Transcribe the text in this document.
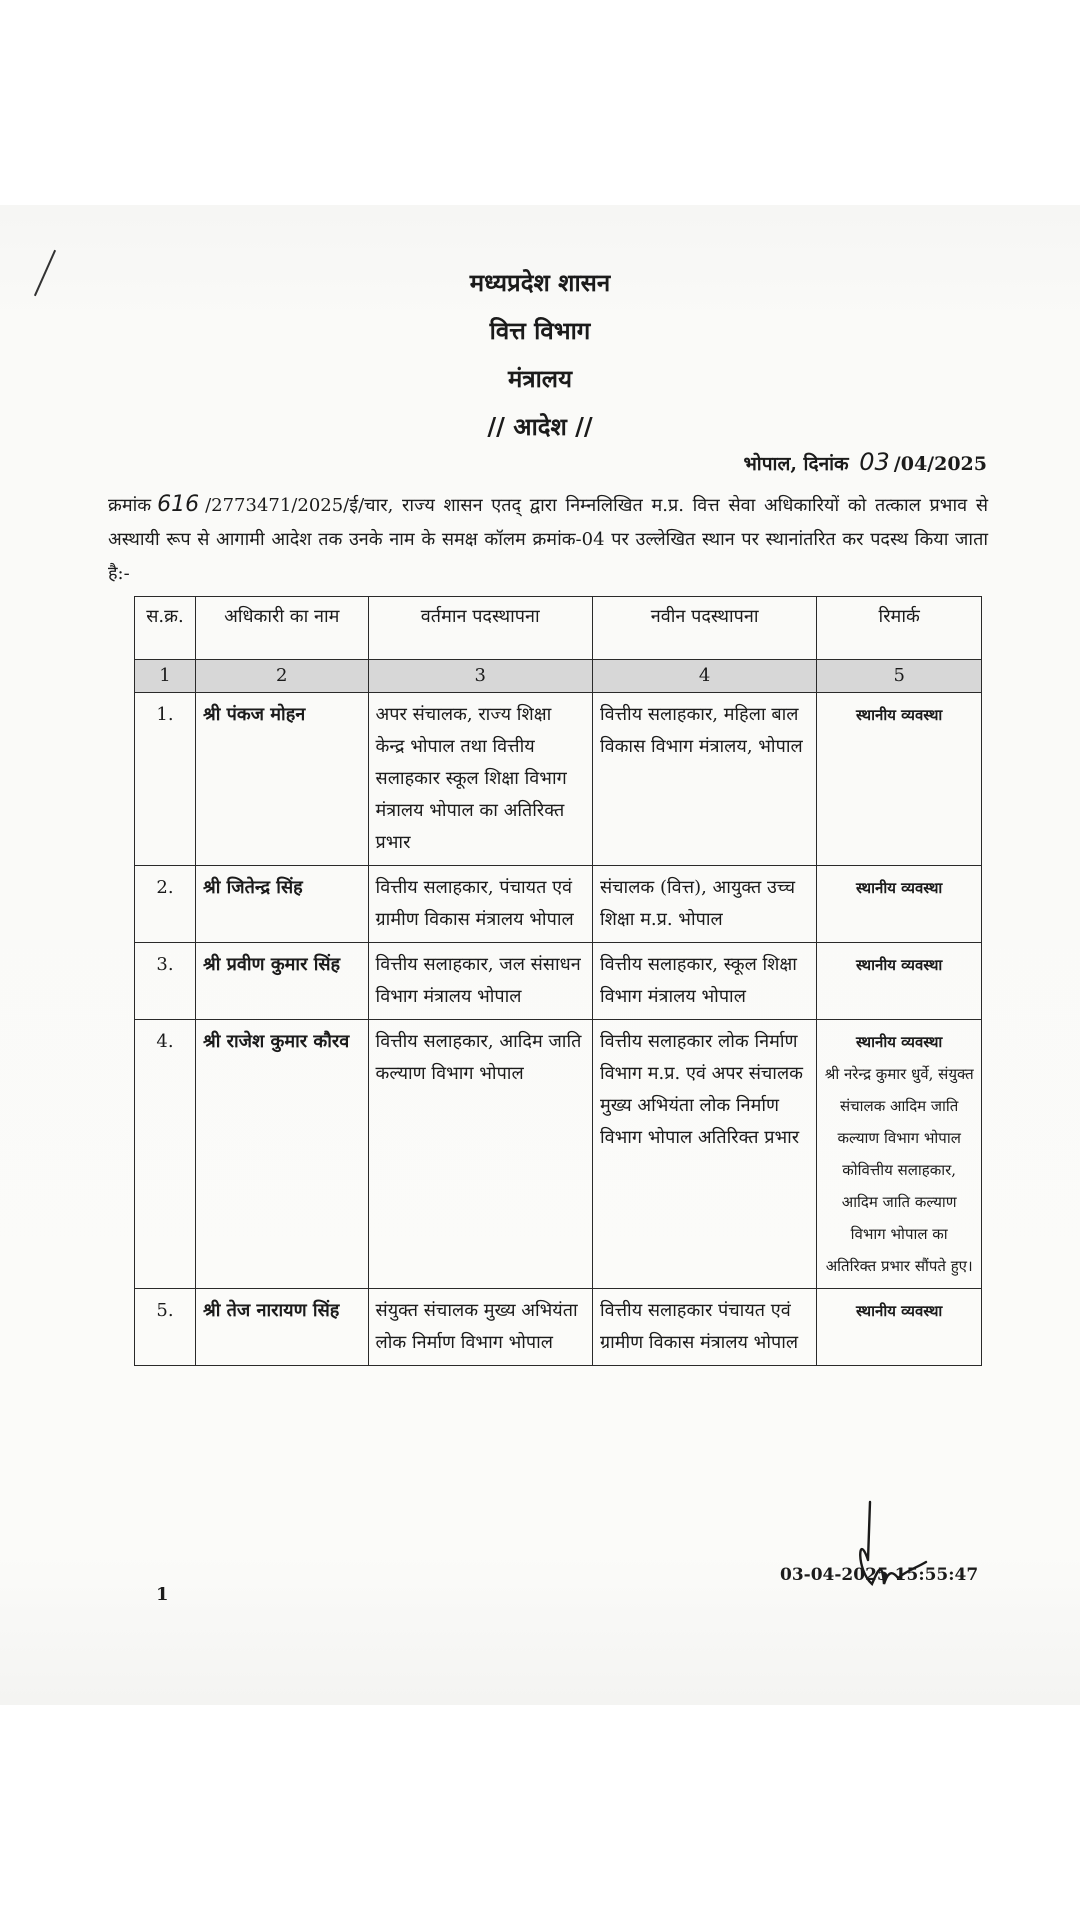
मध्यप्रदेश शासन
वित्त विभाग
मंत्रालय
// आदेश //
भोपाल, दिनांक 03 /04/2025
क्रमांक 616 /2773471/2025/ई/चार, राज्य शासन एतद् द्वारा निम्नलिखित म.प्र. वित्त सेवा अधिकारियों को तत्काल प्रभाव से अस्थायी रूप से आगामी आदेश तक उनके नाम के समक्ष कॉलम क्रमांक-04 पर उल्लेखित स्थान पर स्थानांतरित कर पदस्थ किया जाता है:-
स.क्र.	अधिकारी का नाम	वर्तमान पदस्थापना	नवीन पदस्थापना	रिमार्क
1	2	3	4	5
1.	श्री पंकज मोहन	अपर संचालक, राज्य शिक्षा केन्द्र भोपाल तथा वित्तीय सलाहकार स्कूल शिक्षा विभाग मंत्रालय भोपाल का अतिरिक्त प्रभार	वित्तीय सलाहकार, महिला बाल विकास विभाग मंत्रालय, भोपाल	स्थानीय व्यवस्था

2.	श्री जितेन्द्र सिंह	वित्तीय सलाहकार, पंचायत एवं ग्रामीण विकास मंत्रालय भोपाल	संचालक (वित्त), आयुक्त उच्च शिक्षा म.प्र. भोपाल	स्थानीय व्यवस्था

3.	श्री प्रवीण कुमार सिंह	वित्तीय सलाहकार, जल संसाधन विभाग मंत्रालय भोपाल	वित्तीय सलाहकार, स्कूल शिक्षा विभाग मंत्रालय भोपाल	स्थानीय व्यवस्था

4.	श्री राजेश कुमार कौरव	वित्तीय सलाहकार, आदिम जाति कल्याण विभाग भोपाल	वित्तीय सलाहकार लोक निर्माण विभाग म.प्र. एवं अपर संचालक मुख्य अभियंता लोक निर्माण विभाग भोपाल अतिरिक्त प्रभार	स्थानीय व्यवस्था
श्री नरेन्द्र कुमार धुर्वे, संयुक्त संचालक आदिम जाति कल्याण विभाग भोपाल कोवित्तीय सलाहकार, आदिम जाति कल्याण विभाग भोपाल का अतिरिक्त प्रभार सौंपते हुए।

5.	श्री तेज नारायण सिंह	संयुक्त संचालक मुख्य अभियंता लोक निर्माण विभाग भोपाल	वित्तीय सलाहकार पंचायत एवं ग्रामीण विकास मंत्रालय भोपाल	स्थानीय व्यवस्था
1
03-04-2025 15:55:47
